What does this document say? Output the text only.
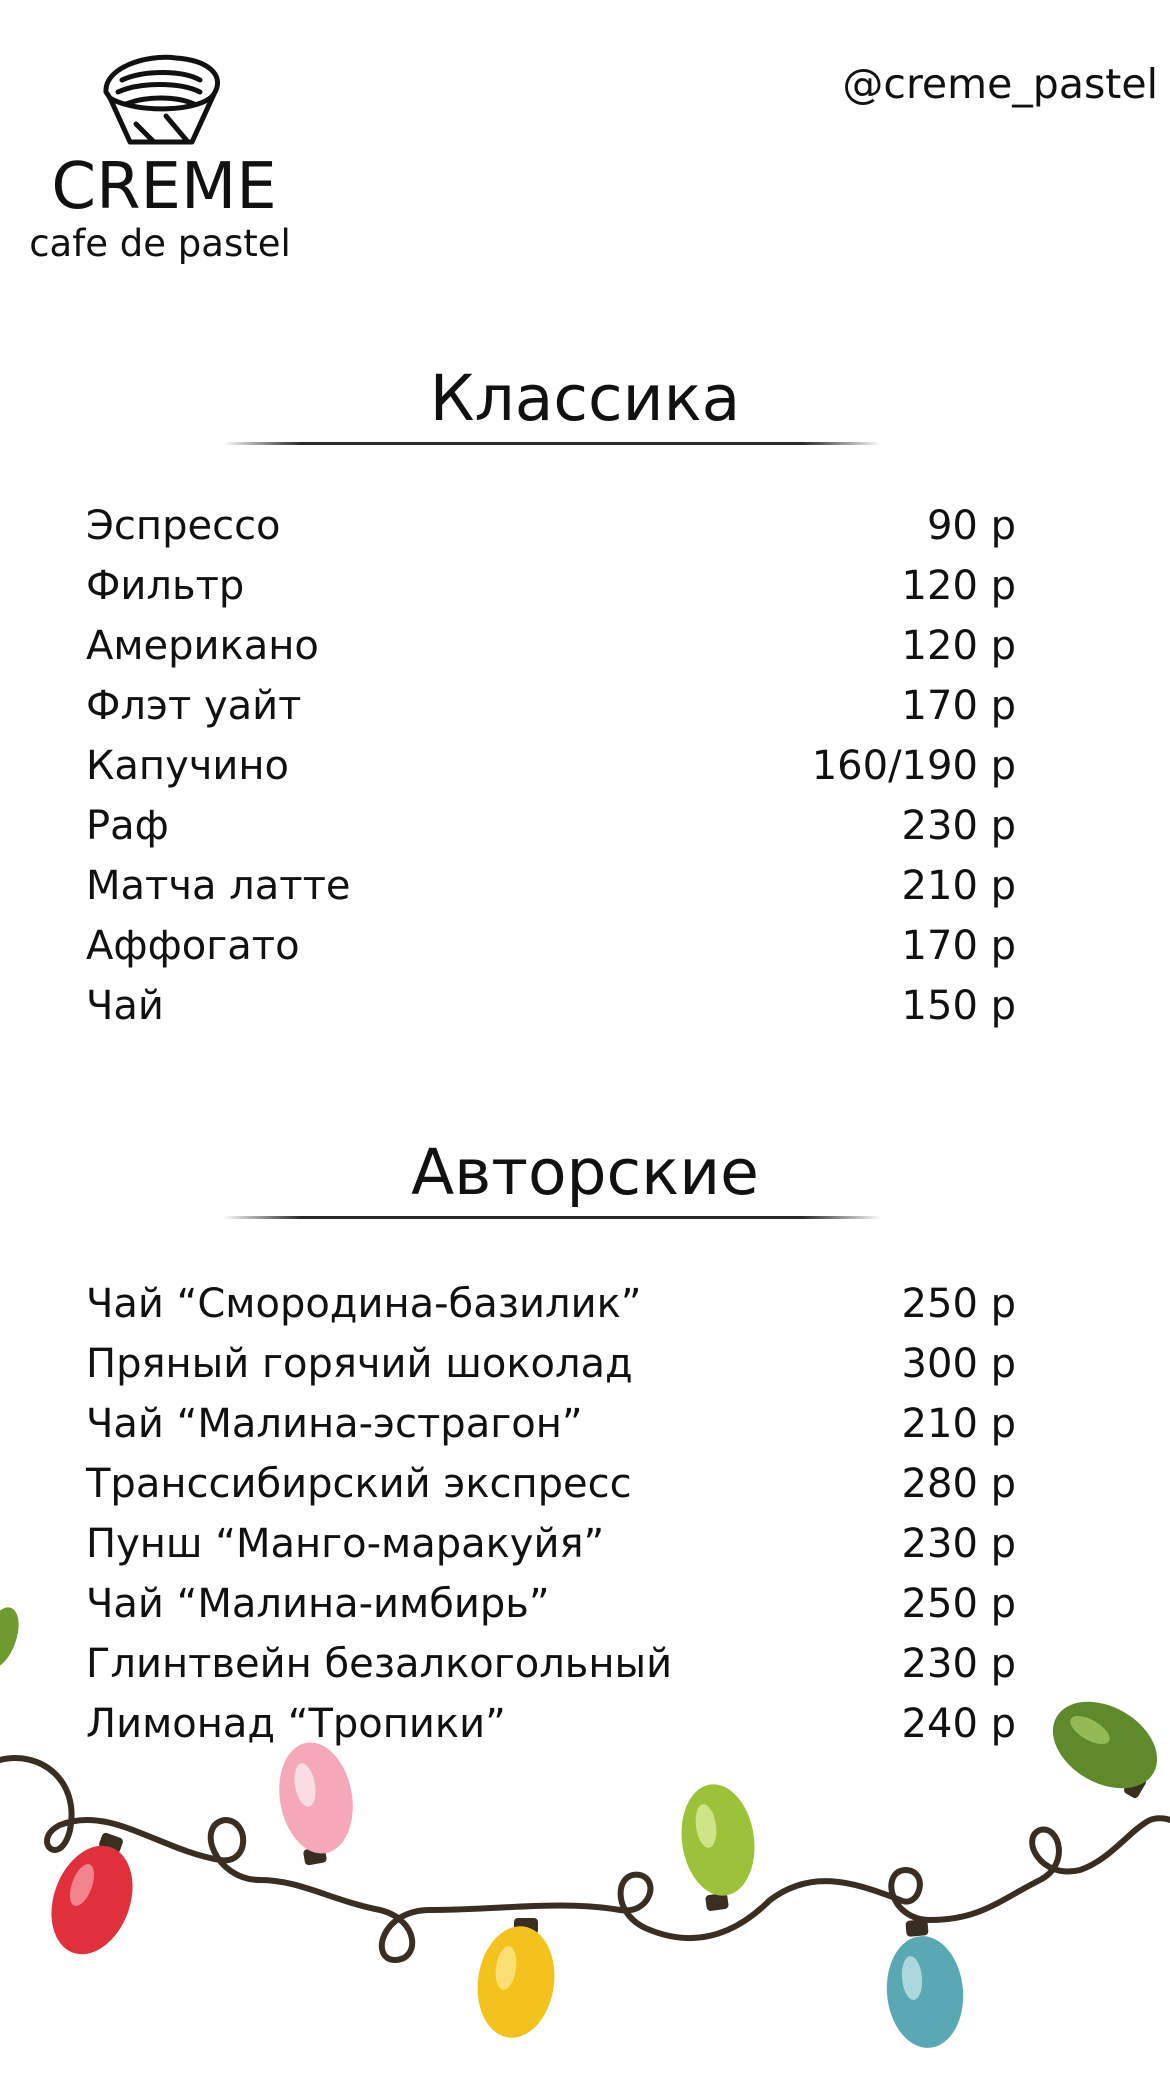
CREME
cafe de pastel
@creme_pastel
Классика
Эспрессо	90 р
Фильтр	120 р
Американо	120 р
Флэт уайт	170 р
Капучино	160/190 р
Раф	230 р
Матча латте	210 р
Аффогато	170 р
Чай	150 р
Авторские
Чай “Смородина-базилик”	250 р
Пряный горячий шоколад	300 р
Чай “Малина-эстрагон”	210 р
Транссибирский экспресс	280 р
Пунш “Манго-маракуйя”	230 р
Чай “Малина-имбирь”	250 р
Глинтвейн безалкогольный	230 р
Лимонад “Тропики”	240 р
